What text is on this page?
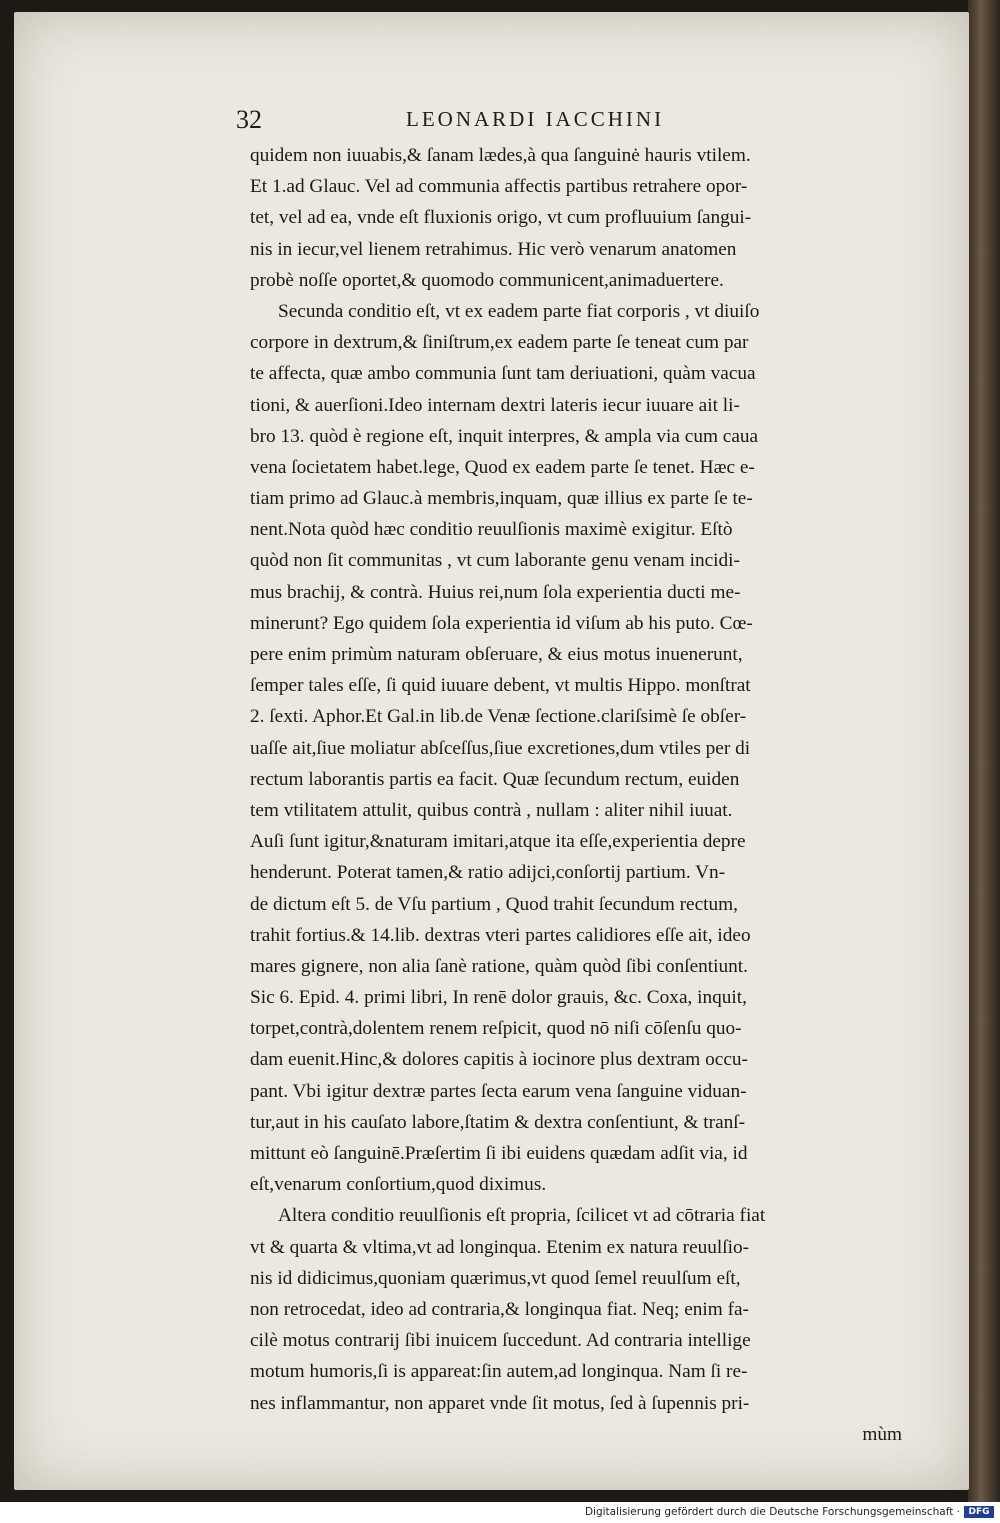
32	LEONARDI IACCHINI
quidem non iuuabis,& ſanam lædes,à qua ſanguinė hauris vtilem.
Et 1.ad Glauc. Vel ad communia affectis partibus retrahere opor-
tet, vel ad ea, vnde eſt fluxionis origo, vt cum profluuium ſangui-
nis in iecur,vel lienem retrahimus. Hic verò venarum anatomen
probè noſſe oportet,& quomodo communicent,animaduertere.
Secunda conditio eſt, vt ex eadem parte fiat corporis , vt diuiſo
corpore in dextrum,& ſiniſtrum,ex eadem parte ſe teneat cum par
te affecta, quæ ambo communia ſunt tam deriuationi, quàm vacua
tioni, & auerſioni.Ideo internam dextri lateris iecur iuuare ait li-
bro 13. quòd è regione eſt, inquit interpres, & ampla via cum caua
vena ſocietatem habet.lege, Quod ex eadem parte ſe tenet. Hæc e-
tiam primo ad Glauc.à membris,inquam, quæ illius ex parte ſe te-
nent.Nota quòd hæc conditio reuulſionis maximè exigitur. Eſtò
quòd non ſit communitas , vt cum laborante genu venam incidi-
mus brachij, & contrà. Huius rei,num ſola experientia ducti me-
minerunt? Ego quidem ſola experientia id viſum ab his puto. Cœ-
pere enim primùm naturam obſeruare, & eius motus inuenerunt,
ſemper tales eſſe, ſi quid iuuare debent, vt multis Hippo. monſtrat
2. ſexti. Aphor.Et Gal.in lib.de Venæ ſectione.clariſsimè ſe obſer-
uaſſe ait,ſiue moliatur abſceſſus,ſiue excretiones,dum vtiles per di
rectum laborantis partis ea facit. Quæ ſecundum rectum, euiden
tem vtilitatem attulit, quibus contrà , nullam : aliter nihil iuuat.
Auſi ſunt igitur,&naturam imitari,atque ita eſſe,experientia depre
henderunt. Poterat tamen,& ratio adijci,conſortij partium. Vn-
de dictum eſt 5. de Vſu partium , Quod trahit ſecundum rectum,
trahit fortius.& 14.lib. dextras vteri partes calidiores eſſe ait, ideo
mares gignere, non alia ſanè ratione, quàm quòd ſibi conſentiunt.
Sic 6. Epid. 4. primi libri, In renē dolor grauis, &c. Coxa, inquit,
torpet,contrà,dolentem renem reſpicit, quod nō niſi cōſenſu quo-
dam euenit.Hinc,& dolores capitis à iocinore plus dextram occu-
pant. Vbi igitur dextræ partes ſecta earum vena ſanguine viduan-
tur,aut in his cauſato labore,ſtatim & dextra conſentiunt, & tranſ-
mittunt eò ſanguinē.Præſertim ſi ibi euidens quædam adſit via, id
eſt,venarum conſortium,quod diximus.
Altera conditio reuulſionis eſt propria, ſcilicet vt ad cōtraria fiat
vt & quarta & vltima,vt ad longinqua. Etenim ex natura reuulſio-
nis id didicimus,quoniam quærimus,vt quod ſemel reuulſum eſt,
non retrocedat, ideo ad contraria,& longinqua fiat. Neq; enim fa-
cilè motus contrarij ſibi inuicem ſuccedunt. Ad contraria intellige
motum humoris,ſi is appareat:ſin autem,ad longinqua. Nam ſi re-
nes inflammantur, non apparet vnde ſit motus, ſed à ſupennis pri-
mùm
Digitalisierung gefördert durch die Deutsche Forschungsgemeinschaft · DFG
